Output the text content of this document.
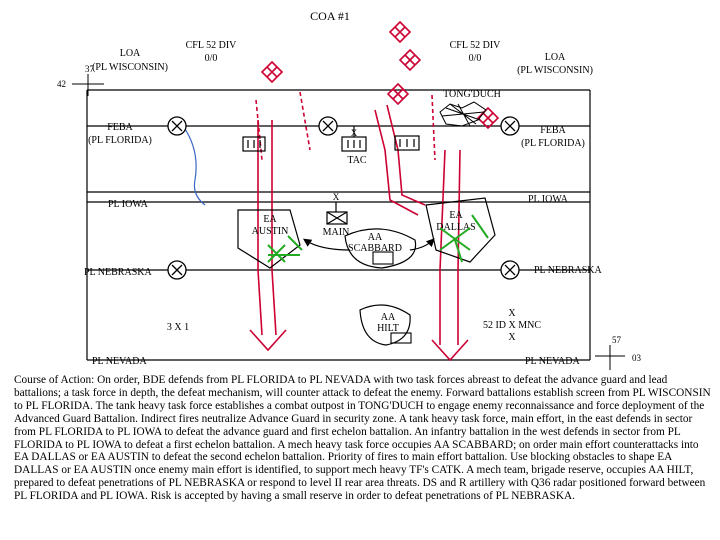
COA #1
37
42
57
03
LOA
(PL WISCONSIN)
CFL 52 DIV
0/0
CFL 52 DIV
0/0	LOA
(PL WISCONSIN)
TONG'DUCH
FEBA
(PL FLORIDA)
FEBA
(PL FLORIDA)
PL IOWA	PL IOWA
PL NEBRASKA	PL NEBRASKA
PL NEVADA	PL NEVADA
X
TAC
X
MAIN
EA
AUSTIN
EA
DALLAS
AA
SCABBARD
AA
HILT
3 X 1
X
52 ID X MNC
X

Course of Action: On order, BDE defends from PL FLORIDA to PL NEVADA with two task forces abreast to defeat the advance guard and lead battalions; a task force in depth, the defeat mechanism, will counter attack to defeat the enemy. Forward battalions establish screen from PL WISCONSIN to PL FLORIDA. The tank heavy task force establishes a combat outpost in TONG'DUCH to engage enemy reconnaissance and force deployment of the Advanced Guard Battalion. Indirect fires neutralize Advance Guard in security zone. A tank heavy task force, main effort, in the east defends in sector from PL FLORIDA to PL IOWA to defeat the advance guard and first echelon battalion. An infantry battalion in the west defends in sector from PL FLORIDA to PL IOWA to defeat a first echelon battalion. A mech heavy task force occupies AA SCABBARD; on order main effort counterattacks into EA DALLAS or EA AUSTIN to defeat the second echelon battalion. Priority of fires to main effort battalion. Use blocking obstacles to shape EA DALLAS or EA AUSTIN once enemy main effort is identified, to support mech heavy TF's CATK. A mech team, brigade reserve, occupies AA HILT, prepared to defeat penetrations of PL NEBRASKA or respond to level II rear area threats. DS and R artillery with Q36 radar positioned forward between PL FLORIDA and PL IOWA. Risk is accepted by having a small reserve in order to defeat penetrations of PL NEBRASKA.
